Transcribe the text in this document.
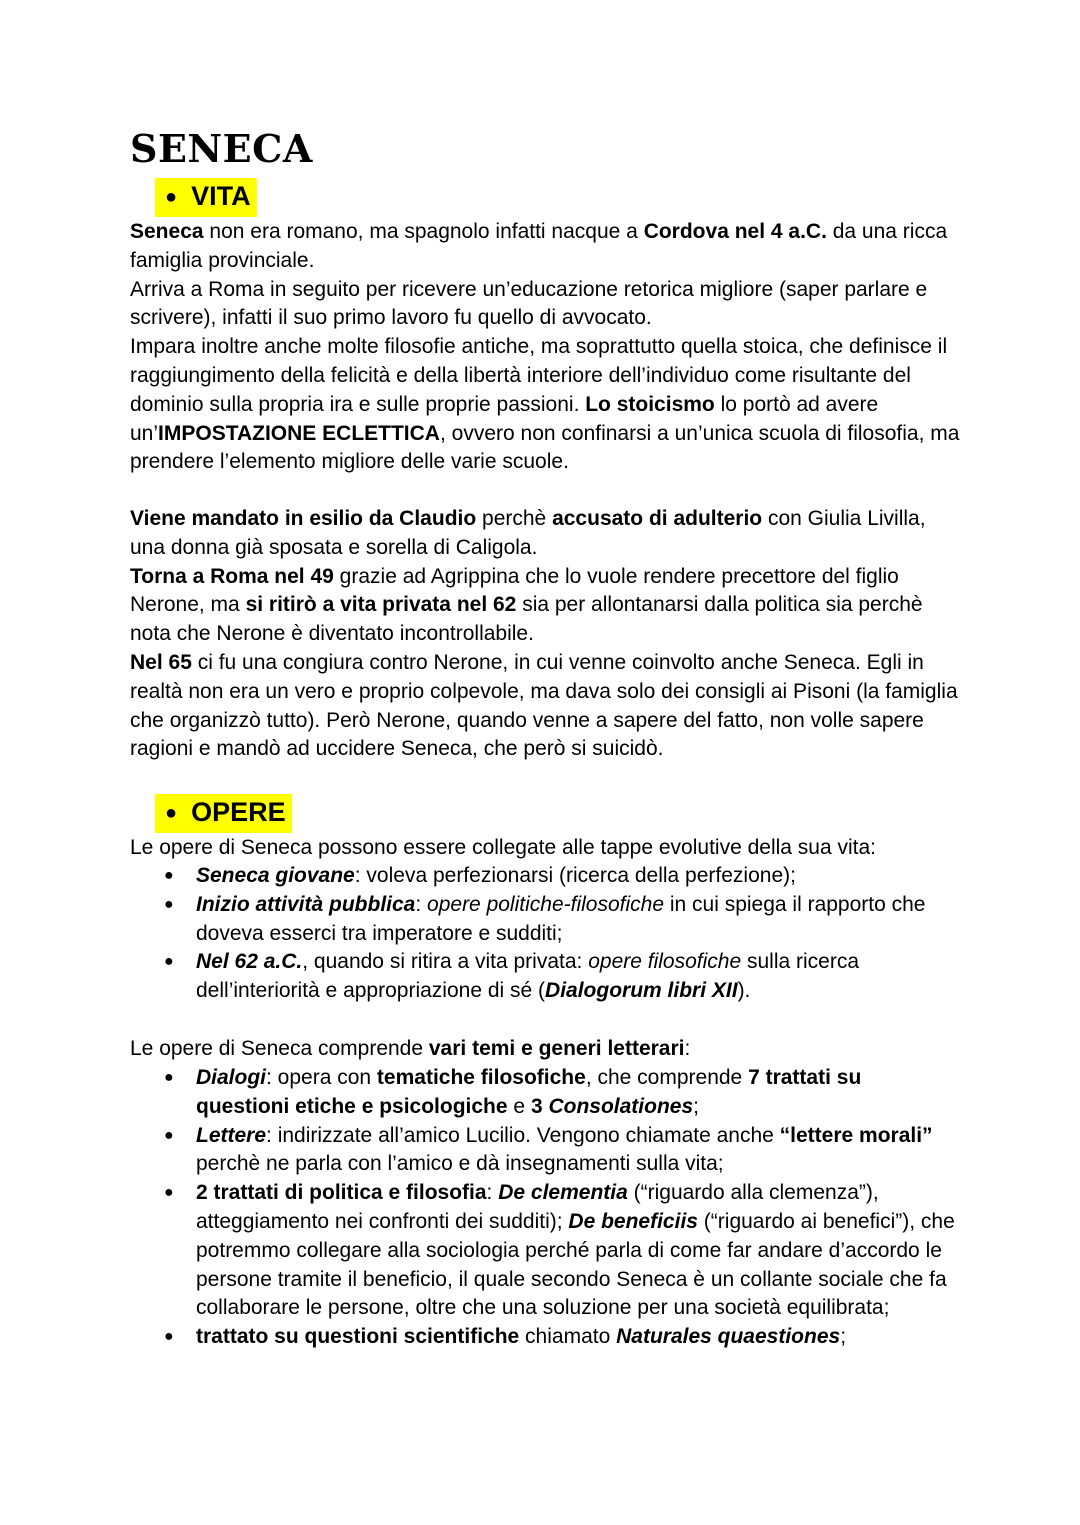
SENECA
● VITA

Seneca non era romano, ma spagnolo infatti nacque a Cordova nel 4 a.C. da una ricca famiglia provinciale.
Arriva a Roma in seguito per ricevere un’educazione retorica migliore (saper parlare e scrivere), infatti il suo primo lavoro fu quello di avvocato.
Impara inoltre anche molte filosofie antiche, ma soprattutto quella stoica, che definisce il raggiungimento della felicità e della libertà interiore dell’individuo come risultante del dominio sulla propria ira e sulle proprie passioni. Lo stoicismo lo portò ad avere un’IMPOSTAZIONE ECLETTICA, ovvero non confinarsi a un’unica scuola di filosofia, ma prendere l’elemento migliore delle varie scuole.

Viene mandato in esilio da Claudio perchè accusato di adulterio con Giulia Livilla, una donna già sposata e sorella di Caligola.
Torna a Roma nel 49 grazie ad Agrippina che lo vuole rendere precettore del figlio Nerone, ma si ritirò a vita privata nel 62 sia per allontanarsi dalla politica sia perchè nota che Nerone è diventato incontrollabile.
Nel 65 ci fu una congiura contro Nerone, in cui venne coinvolto anche Seneca. Egli in realtà non era un vero e proprio colpevole, ma dava solo dei consigli ai Pisoni (la famiglia che organizzò tutto). Però Nerone, quando venne a sapere del fatto, non volle sapere ragioni e mandò ad uccidere Seneca, che però si suicidò.

● OPERE

Le opere di Seneca possono essere collegate alle tappe evolutive della sua vita:

● Seneca giovane: voleva perfezionarsi (ricerca della perfezione);
● Inizio attività pubblica: opere politiche-filosofiche in cui spiega il rapporto che doveva esserci tra imperatore e sudditi;
● Nel 62 a.C., quando si ritira a vita privata: opere filosofiche sulla ricerca dell’interiorità e appropriazione di sé (Dialogorum libri XII).

Le opere di Seneca comprende vari temi e generi letterari:

● Dialogi: opera con tematiche filosofiche, che comprende 7 trattati su questioni etiche e psicologiche e 3 Consolationes;
● Lettere: indirizzate all’amico Lucilio. Vengono chiamate anche “lettere morali” perchè ne parla con l’amico e dà insegnamenti sulla vita;
● 2 trattati di politica e filosofia: De clementia (“riguardo alla clemenza”), atteggiamento nei confronti dei sudditi); De beneficiis (“riguardo ai benefici”), che potremmo collegare alla sociologia perché parla di come far andare d’accordo le persone tramite il beneficio, il quale secondo Seneca è un collante sociale che fa collaborare le persone, oltre che una soluzione per una società equilibrata;
● trattato su questioni scientifiche chiamato Naturales quaestiones;
